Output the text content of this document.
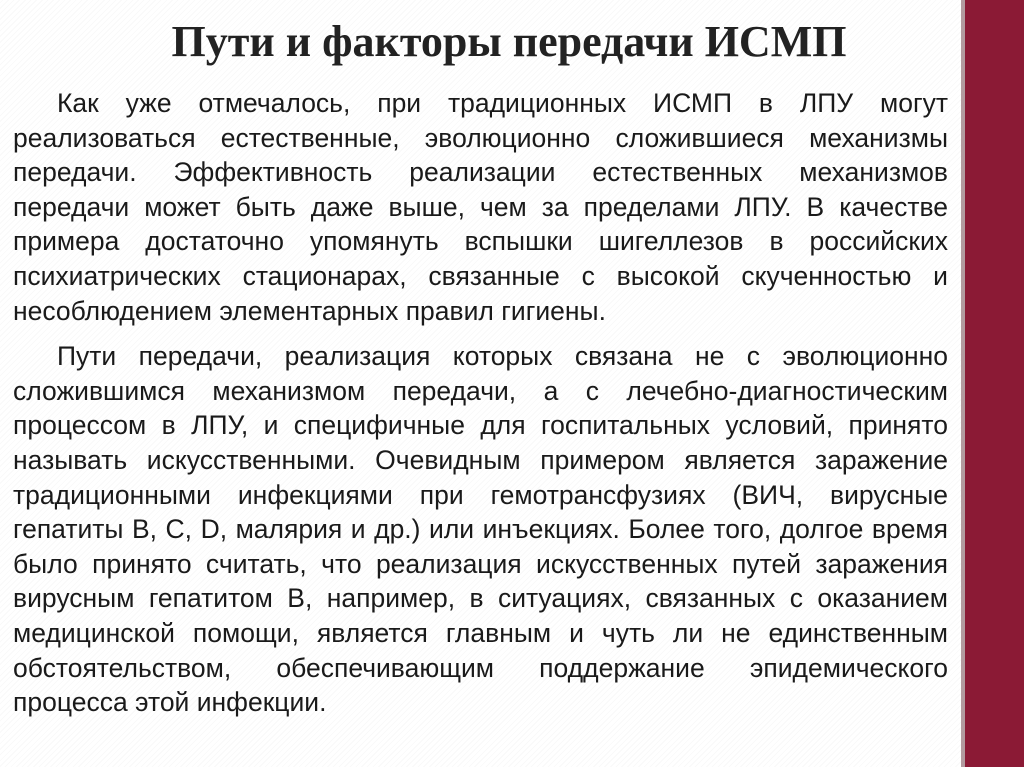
Пути и факторы передачи ИСМП

Как уже отмечалось, при традиционных ИСМП в ЛПУ могут реализоваться естественные, эволюционно сложившиеся механизмы передачи. Эффективность реализации естественных механизмов передачи может быть даже выше, чем за пределами ЛПУ. В качестве примера достаточно упомянуть вспышки шигеллезов в российских психиатрических стационарах, связанные с высокой скученностью и несоблюдением элементарных правил гигиены.

Пути передачи, реализация которых связана не с эволюционно сложившимся механизмом передачи, а с лечебно-диагностическим процессом в ЛПУ, и специфичные для госпитальных условий, принято называть искусственными. Очевидным примером является заражение традиционными инфекциями при гемотрансфузиях (ВИЧ, вирусные гепатиты В, С, D, малярия и др.) или инъекциях. Более того, долгое время было принято считать, что реализация искусственных путей заражения вирусным гепатитом В, например, в ситуациях, связанных с оказанием медицинской помощи, является главным и чуть ли не единственным обстоятельством, обеспечивающим поддержание эпидемического процесса этой инфекции.
